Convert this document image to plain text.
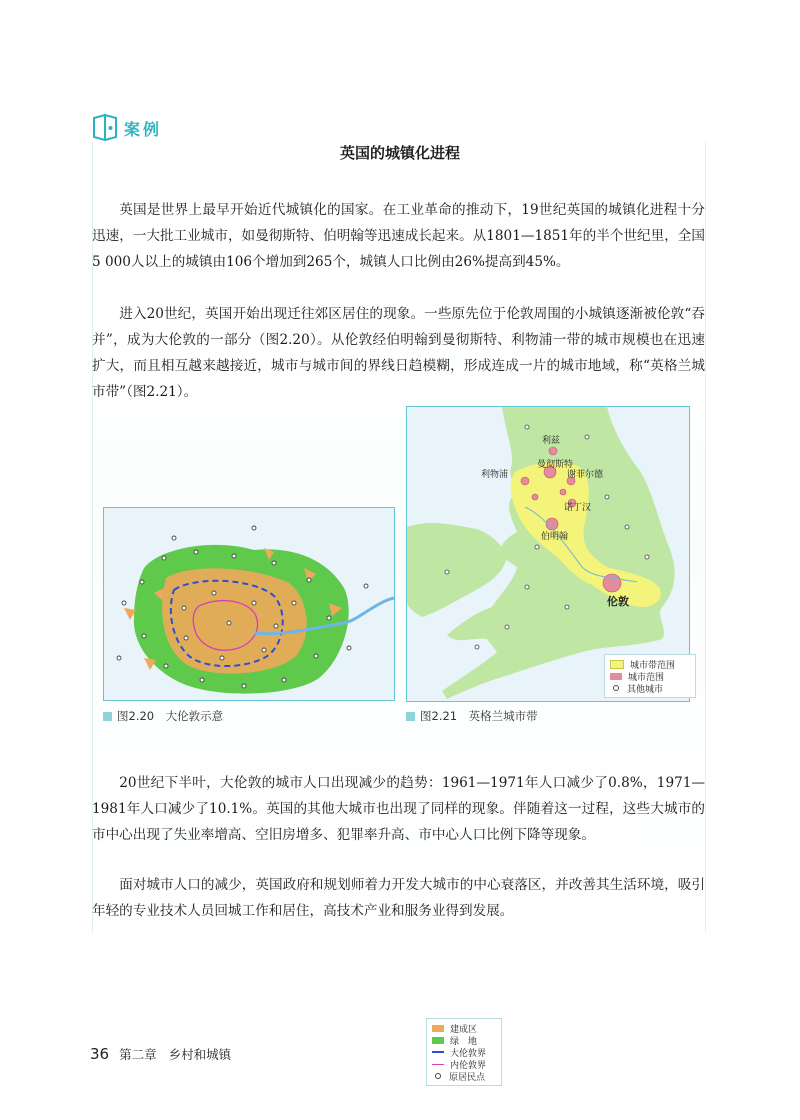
案例
英国的城镇化进程

英国是世界上最早开始近代城镇化的国家。在工业革命的推动下，19世纪英国的城镇化进程十分迅速，一大批工业城市，如曼彻斯特、伯明翰等迅速成长起来。从1801—1851年的半个世纪里，全国5 000人以上的城镇由106个增加到265个，城镇人口比例由26%提高到45%。

进入20世纪，英国开始出现迁往郊区居住的现象。一些原先位于伦敦周围的小城镇逐渐被伦敦“吞并”，成为大伦敦的一部分（图2.20）。从伦敦经伯明翰到曼彻斯特、利物浦一带的城市规模也在迅速扩大，而且相互越来越接近，城市与城市间的界线日趋模糊，形成连成一片的城市地域，称“英格兰城市带”（图2.21）。

建成区
绿　地
大伦敦界
内伦敦界
原居民点
图2.20　大伦敦示意
利兹
曼彻斯特
谢菲尔德
利物浦
诺丁汉
伯明翰
伦敦
城市带范围
城市范围
其他城市
图2.21　英格兰城市带

20世纪下半叶，大伦敦的城市人口出现减少的趋势：1961—1971年人口减少了0.8%，1971—1981年人口减少了10.1%。英国的其他大城市也出现了同样的现象。伴随着这一过程，这些大城市的市中心出现了失业率增高、空旧房增多、犯罪率升高、市中心人口比例下降等现象。

面对城市人口的减少，英国政府和规划师着力开发大城市的中心衰落区，并改善其生活环境，吸引年轻的专业技术人员回城工作和居住，高技术产业和服务业得到发展。

36 第二章 乡村和城镇
